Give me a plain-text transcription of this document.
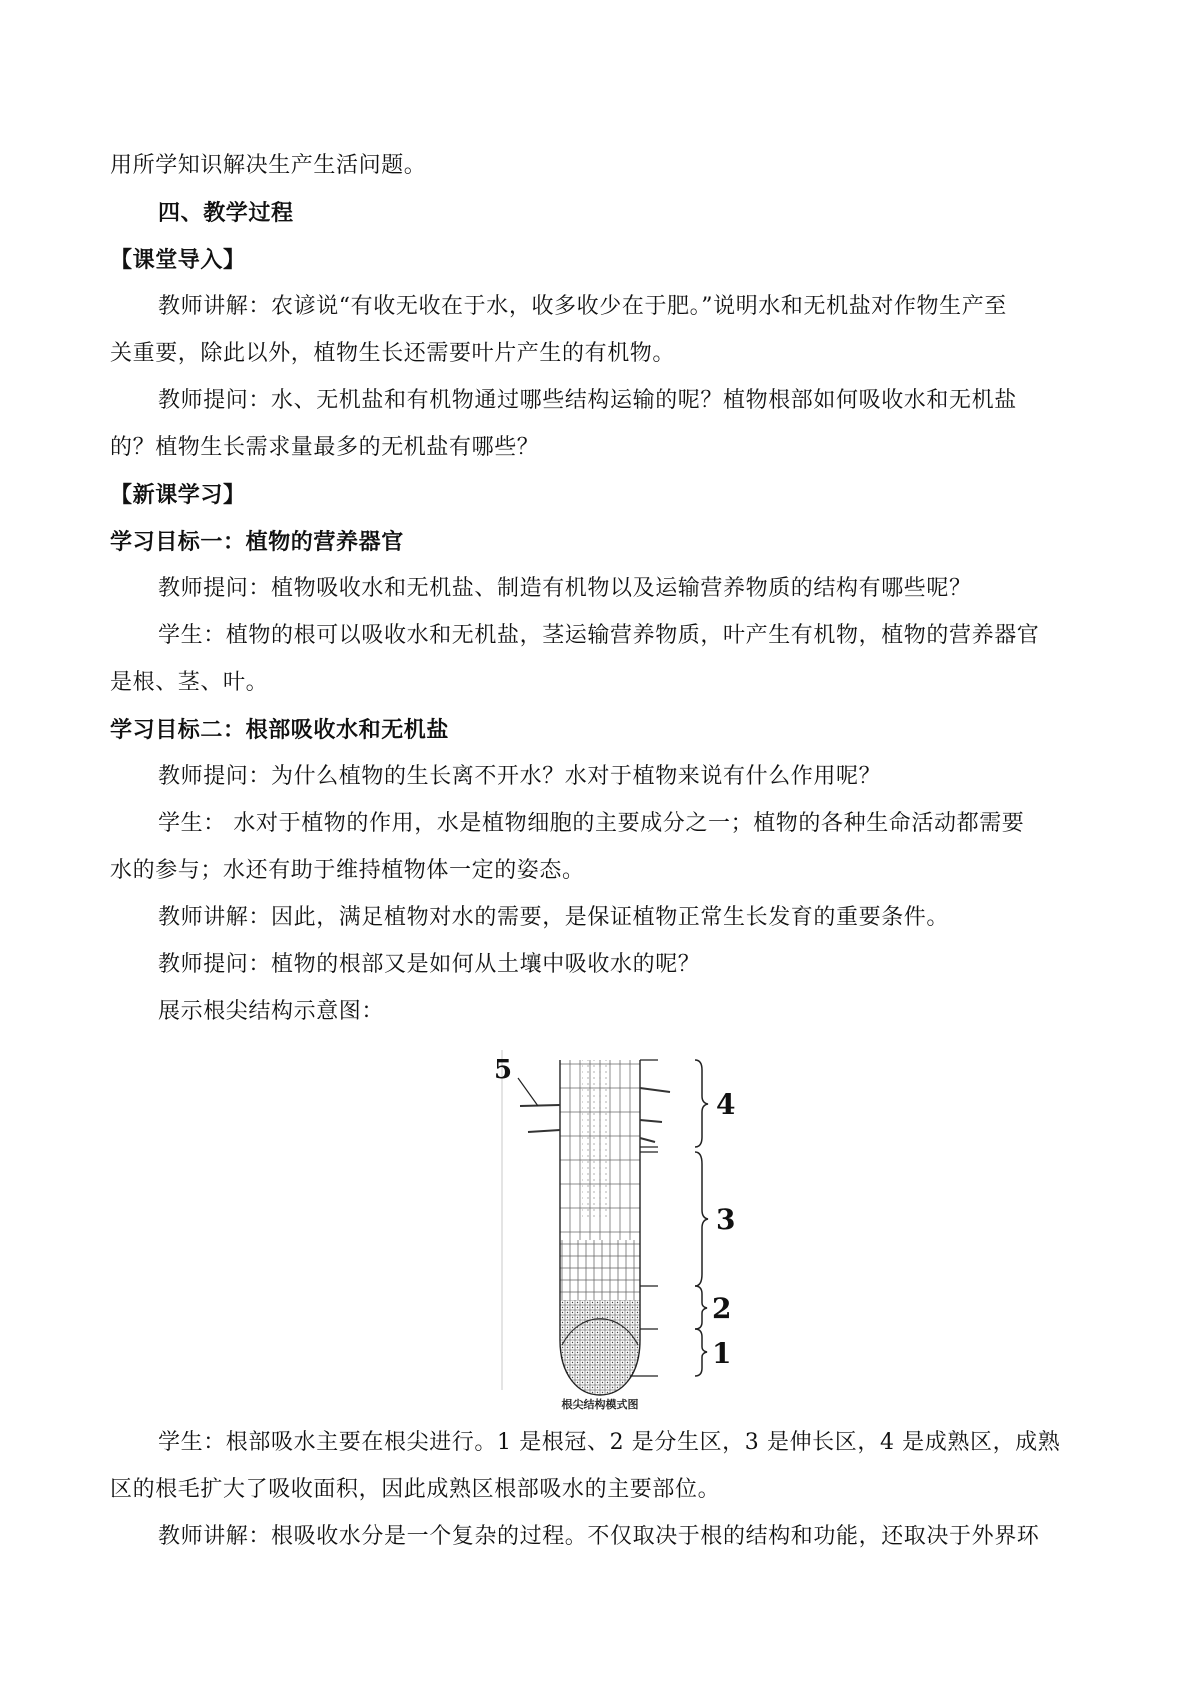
用所学知识解决生产生活问题。
四、教学过程
【课堂导入】
教师讲解：农谚说“有收无收在于水，收多收少在于肥。”说明水和无机盐对作物生产至
关重要，除此以外，植物生长还需要叶片产生的有机物。
教师提问：水、无机盐和有机物通过哪些结构运输的呢？植物根部如何吸收水和无机盐
的？植物生长需求量最多的无机盐有哪些？
【新课学习】
学习目标一：植物的营养器官
教师提问：植物吸收水和无机盐、制造有机物以及运输营养物质的结构有哪些呢？
学生：植物的根可以吸收水和无机盐，茎运输营养物质，叶产生有机物，植物的营养器官
是根、茎、叶。
学习目标二：根部吸收水和无机盐
教师提问：为什么植物的生长离不开水？水对于植物来说有什么作用呢？
学生： 水对于植物的作用，水是植物细胞的主要成分之一；植物的各种生命活动都需要
水的参与；水还有助于维持植物体一定的姿态。
教师讲解：因此，满足植物对水的需要，是保证植物正常生长发育的重要条件。
教师提问：植物的根部又是如何从土壤中吸收水的呢？
展示根尖结构示意图：
5
4
3
2
1
根尖结构模式图
学生：根部吸水主要在根尖进行。1 是根冠、2 是分生区，3 是伸长区，4 是成熟区，成熟
区的根毛扩大了吸收面积，因此成熟区根部吸水的主要部位。
教师讲解：根吸收水分是一个复杂的过程。不仅取决于根的结构和功能，还取决于外界环
